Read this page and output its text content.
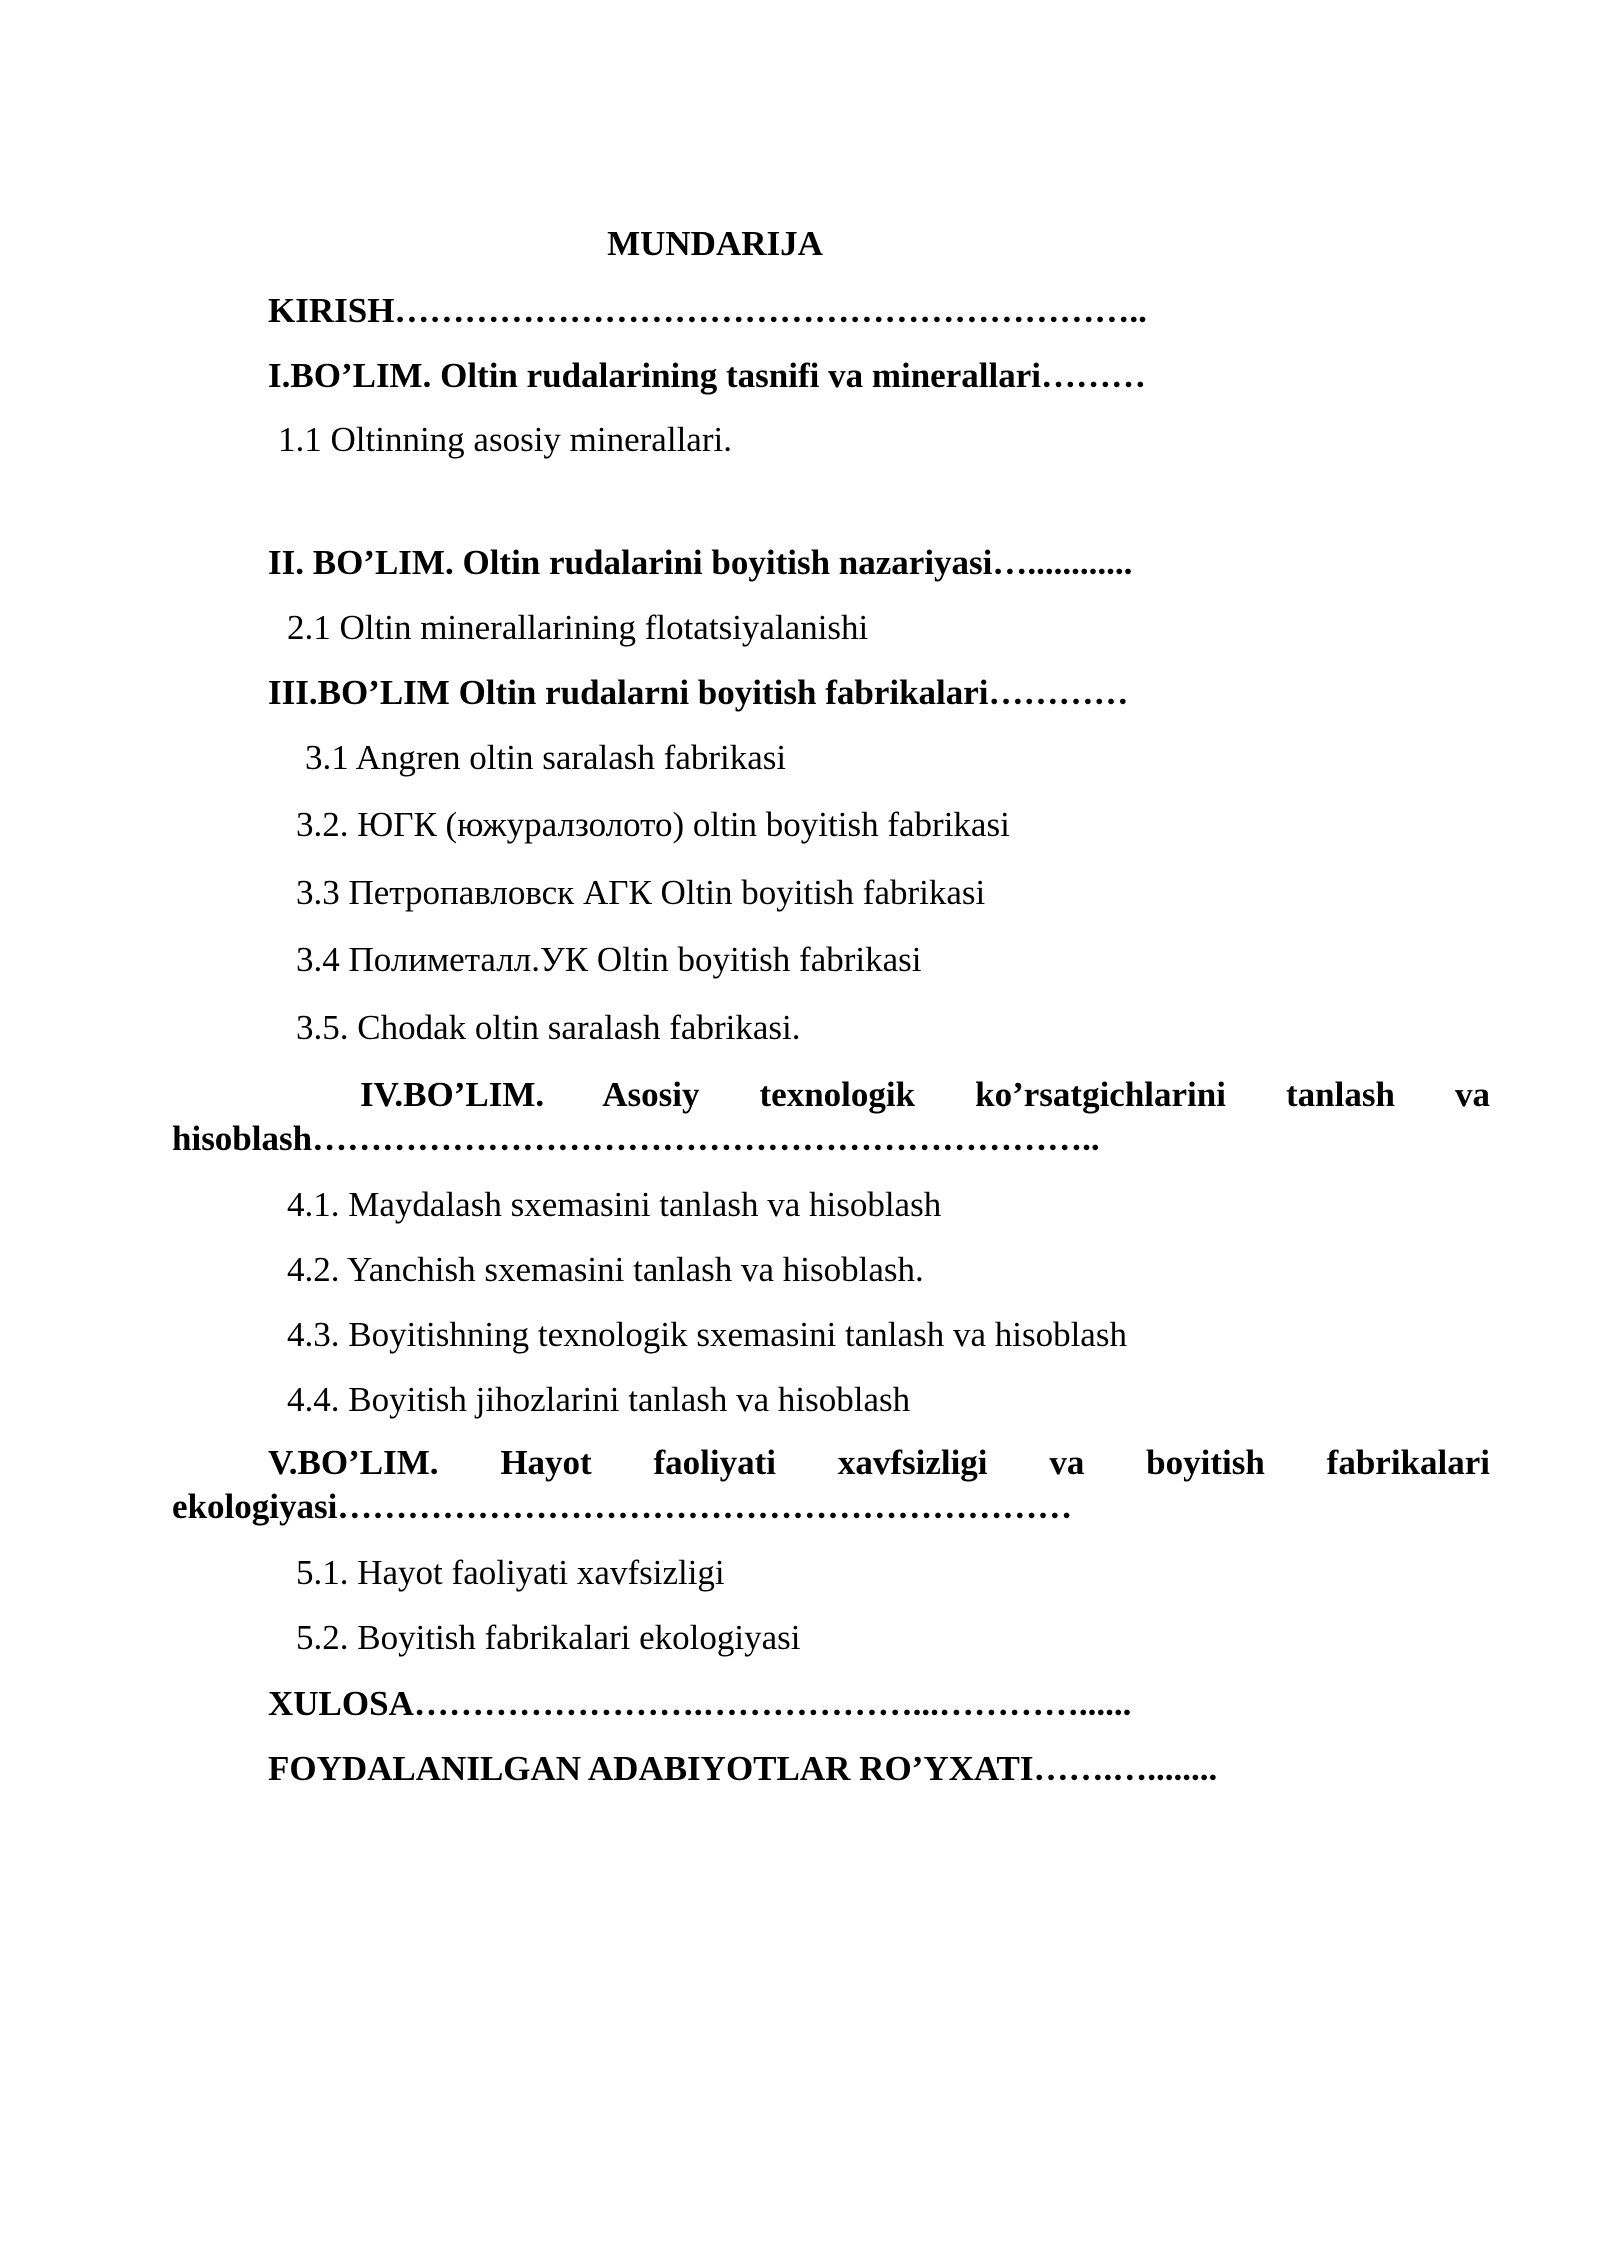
MUNDARIJA
KIRISH………………………………………………………..
I.BO’LIM. Oltin rudalarining tasnifi va minerallari………
1.1 Oltinning asosiy minerallari.
II. BO’LIM. Oltin rudalarini boyitish nazariyasi…............
2.1 Oltin minerallarining flotatsiyalanishi
III.BO’LIM Oltin rudalarni boyitish fabrikalari…………
3.1 Angren oltin saralash fabrikasi
3.2. ЮГК (южуралзолото) oltin boyitish fabrikasi
3.3 Петропавловск АГК Oltin boyitish fabrikasi
3.4 Полиметалл.УК Oltin boyitish fabrikasi
3.5. Chodak oltin saralash fabrikasi.
IV.BO’LIM. Asosiy texnologik ko’rsatgichlarini tanlash va
hisoblash…………………………………………………………..
4.1. Maydalash sxemasini tanlash va hisoblash
4.2. Yanchish sxemasini tanlash va hisoblash.
4.3. Boyitishning texnologik sxemasini tanlash va hisoblash
4.4. Boyitish jihozlarini tanlash va hisoblash
V.BO’LIM. Hayot faoliyati xavfsizligi va boyitish fabrikalari
ekologiyasi………………………………………………………
5.1. Hayot faoliyati xavfsizligi
5.2. Boyitish fabrikalari ekologiyasi
XULOSA…………………….………………...…………......
FOYDALANILGAN ADABIYOTLAR RO’YXATI…….…........
